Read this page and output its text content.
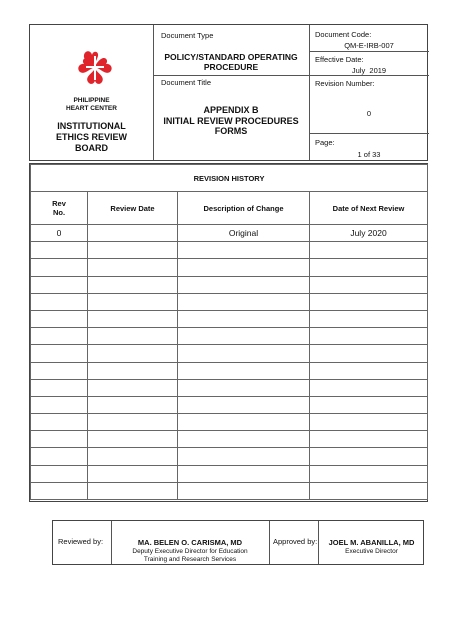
PHILIPPINE
HEART CENTER
INSTITUTIONAL
ETHICS REVIEW
BOARD
Document Type
POLICY/STANDARD OPERATING
PROCEDURE
Document Title
APPENDIX B
INITIAL REVIEW PROCEDURES
FORMS
Document Code:
QM-E-IRB-007
Effective Date:
July  2019
Revision Number:
0
Page:
1 of 33
REVISION HISTORY			
Rev
No.	Review Date	Description of Change	Date of Next Review
0		Original	July 2020

Reviewed by:	MA. BELEN O. CARISMA, MD
Deputy Executive Director for Education
Training and Research Services
Approved by:	JOEL M. ABANILLA, MD
Executive Director
